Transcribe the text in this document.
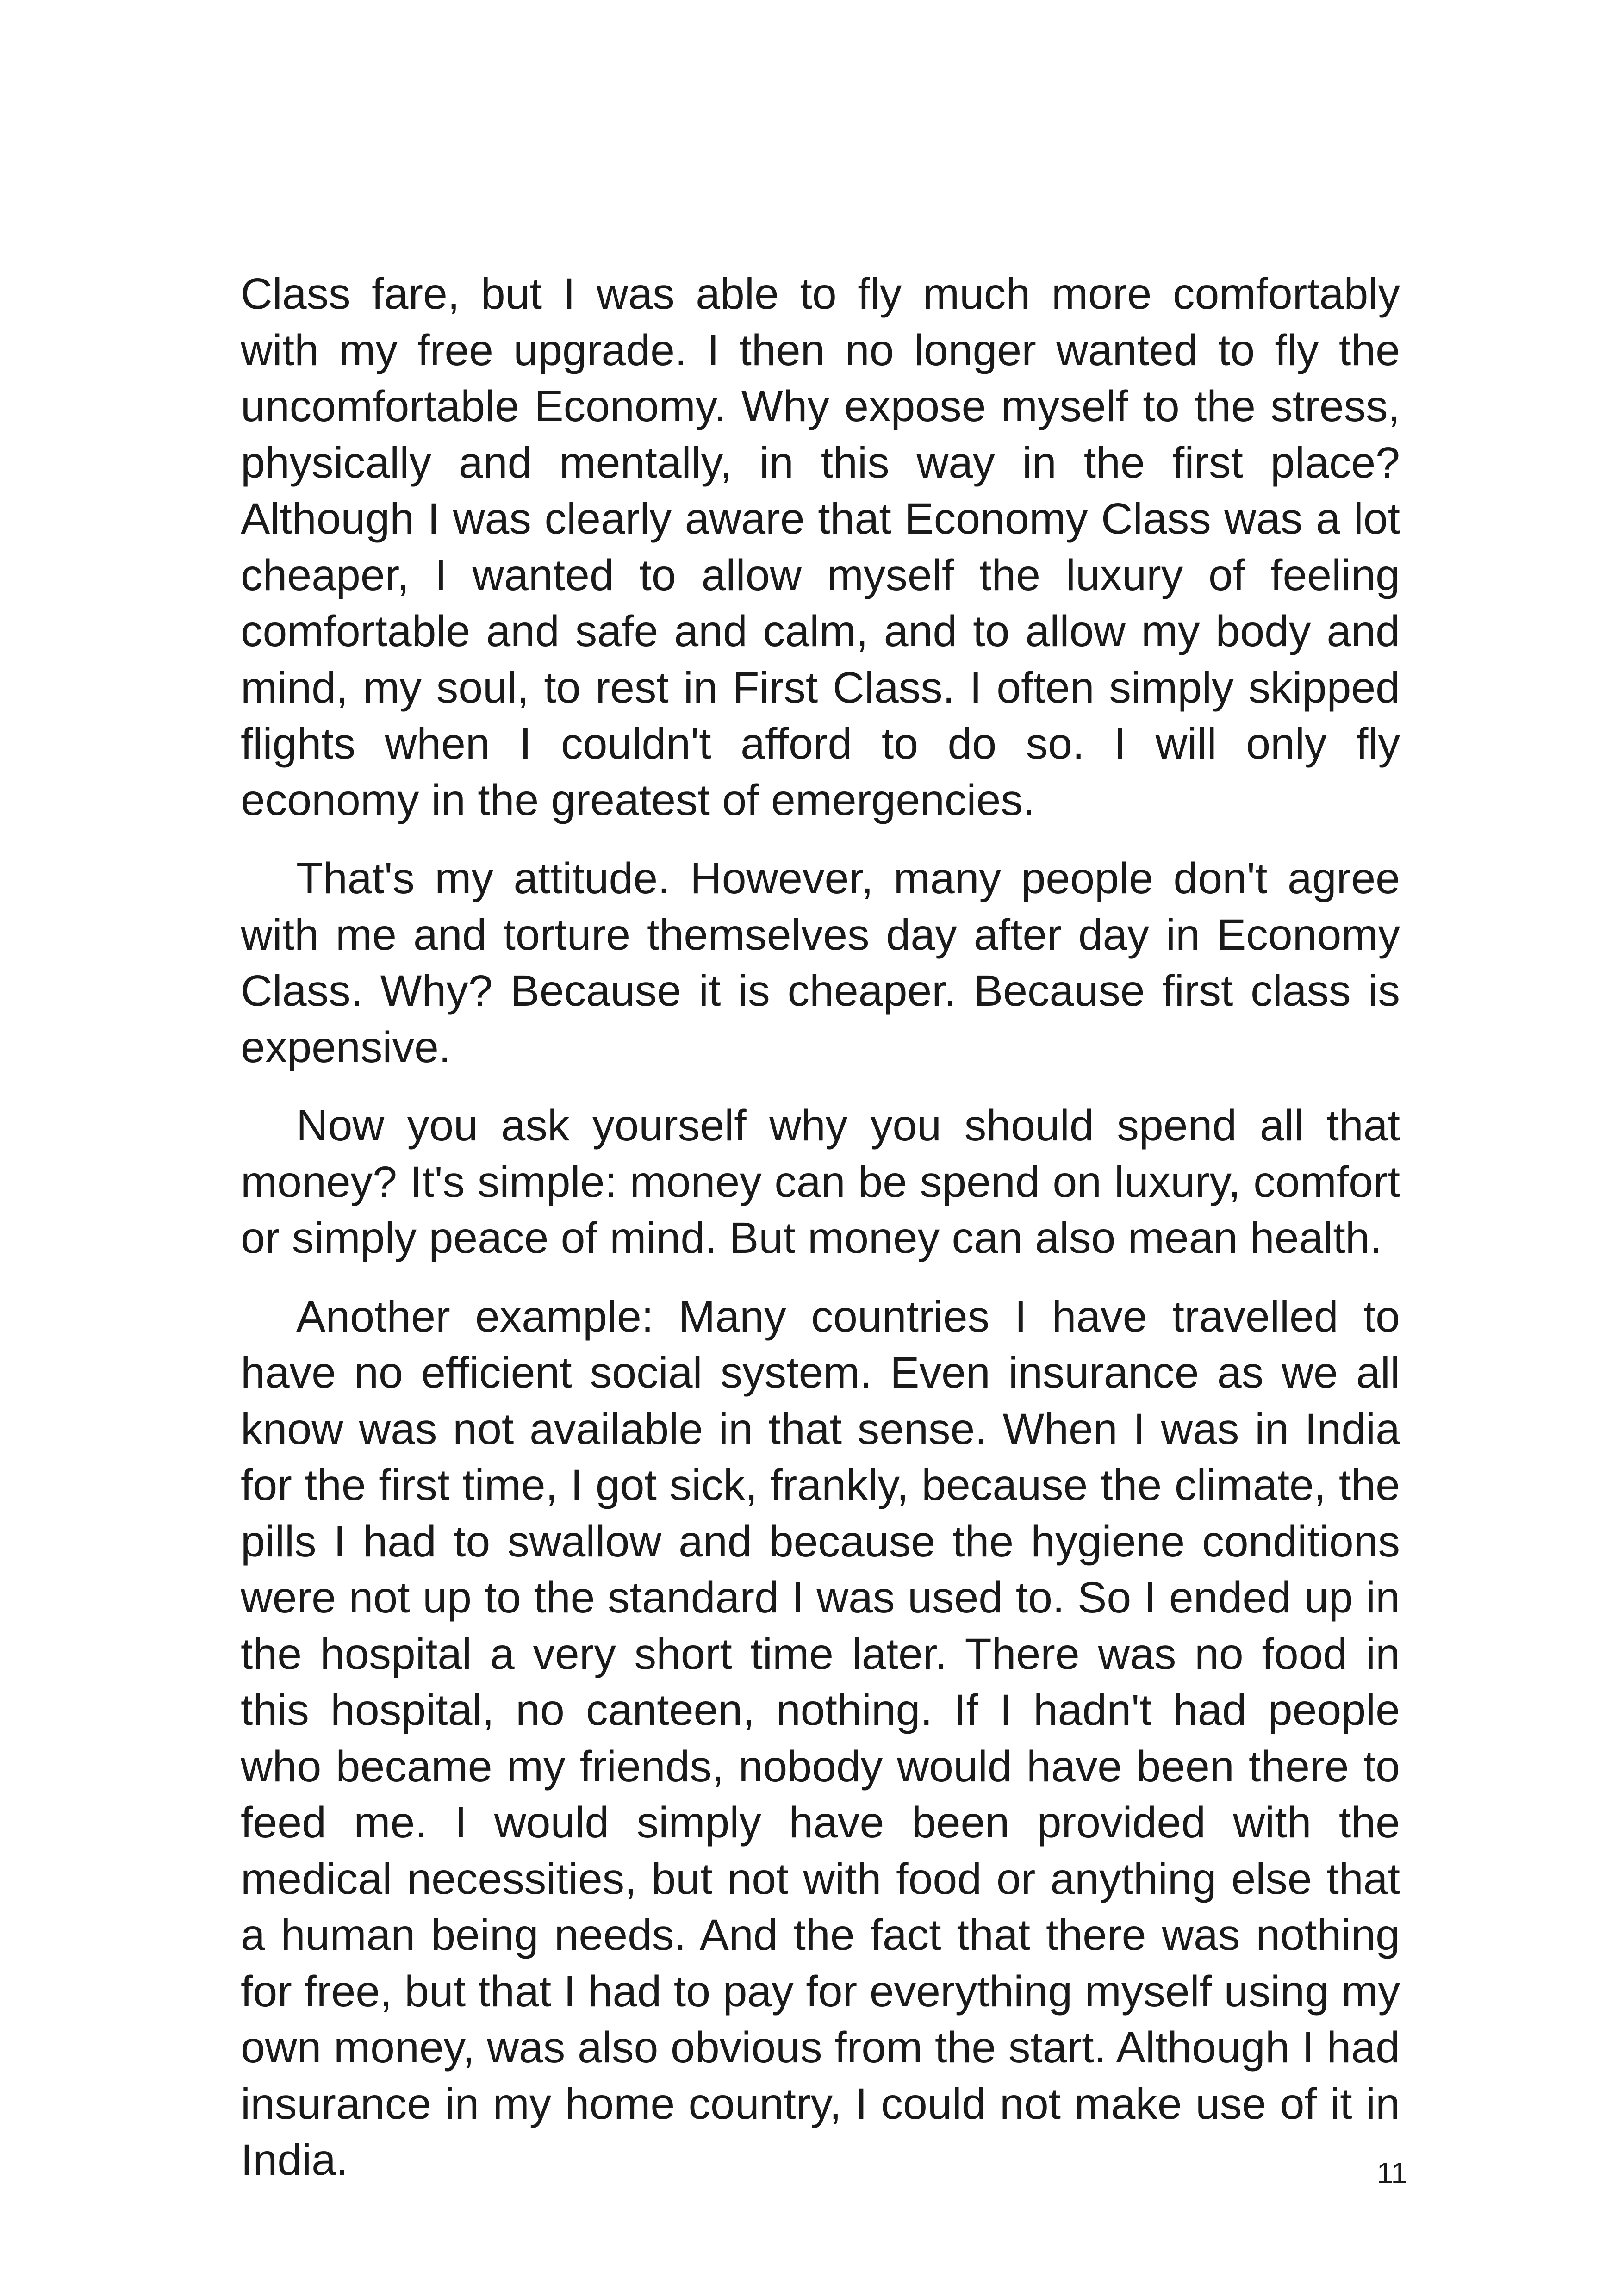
Class fare, but I was able to fly much more comfortably with my free upgrade. I then no longer wanted to fly the uncomfortable Economy. Why expose myself to the stress, physically and mentally, in this way in the first place? Although I was clearly aware that Economy Class was a lot cheaper, I wanted to allow myself the luxury of feeling comfortable and safe and calm, and to allow my body and mind, my soul, to rest in First Class. I often simply skipped flights when I couldn't afford to do so. I will only fly economy in the greatest of emergencies.

That's my attitude. However, many people don't agree with me and torture themselves day after day in Economy Class. Why? Because it is cheaper. Because first class is expensive.

Now you ask yourself why you should spend all that money? It's simple: money can be spend on luxury, comfort or simply peace of mind. But money can also mean health.

Another example: Many countries I have travelled to have no efficient social system. Even insurance as we all know was not available in that sense. When I was in India for the first time, I got sick, frankly, because the climate, the pills I had to swallow and because the hygiene conditions were not up to the standard I was used to. So I ended up in the hospital a very short time later. There was no food in this hospital, no canteen, nothing. If I hadn't had people who became my friends, nobody would have been there to feed me. I would simply have been provided with the medical necessities, but not with food or anything else that a human being needs. And the fact that there was nothing for free, but that I had to pay for everything myself using my own money, was also obvious from the start. Although I had insurance in my home country, I could not make use of it in India.	11
